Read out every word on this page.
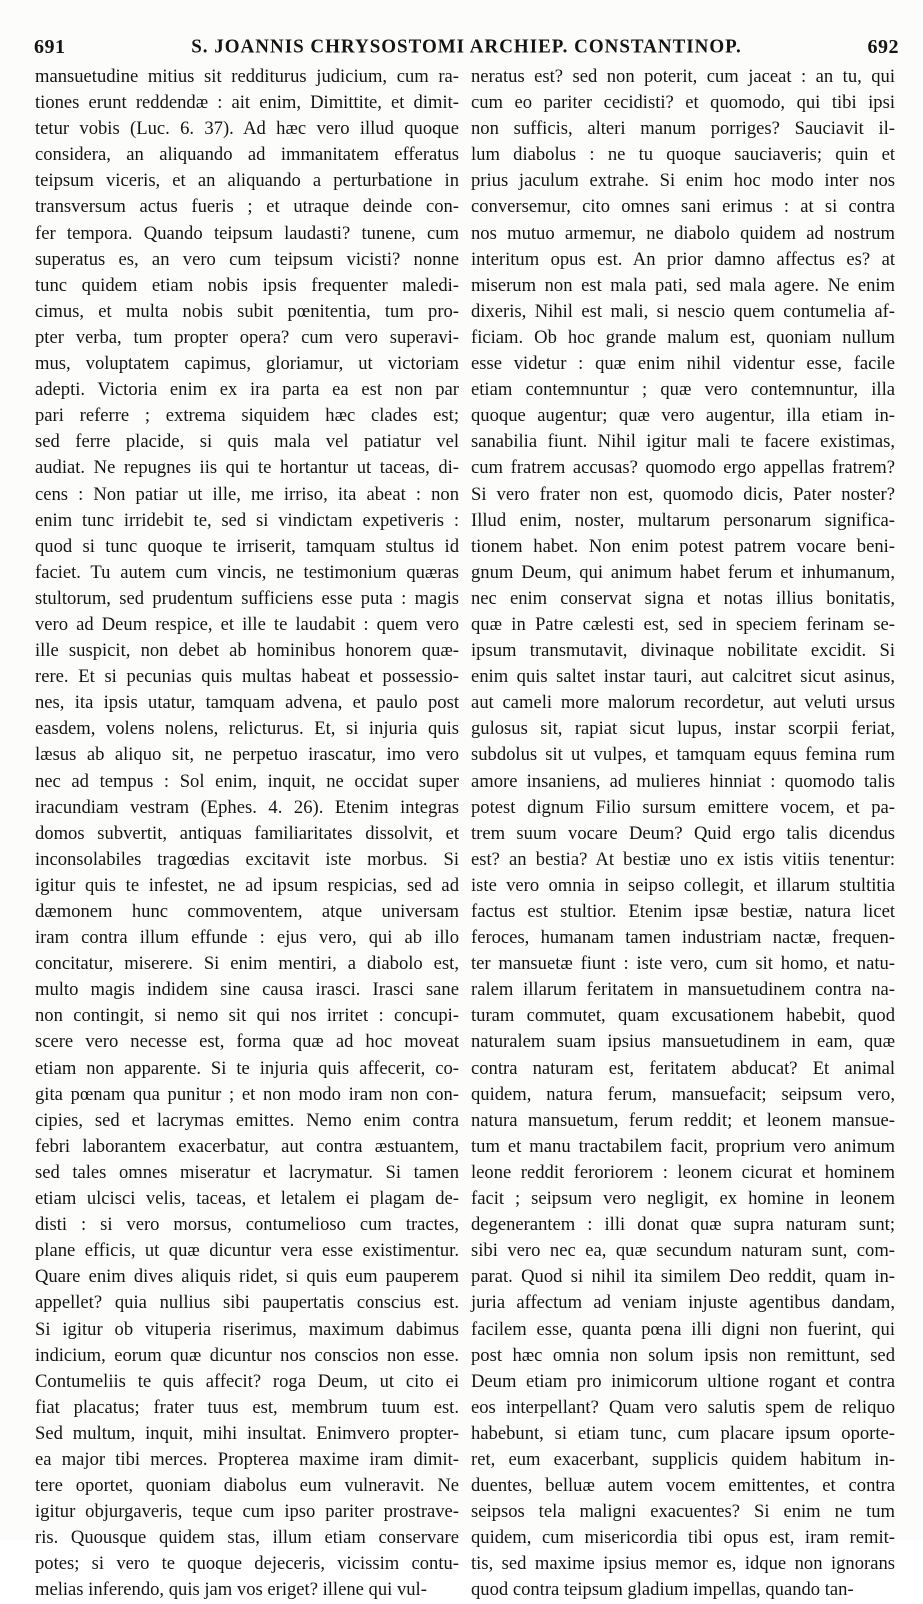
691	S. JOANNIS CHRYSOSTOMI ARCHIEP. CONSTANTINOP.	692
mansuetudine mitius sit redditurus judicium, cum ra-
tiones erunt reddendæ : ait enim, Dimittite, et dimit-
tetur vobis (Luc. 6. 37). Ad hæc vero illud quoque
considera, an aliquando ad immanitatem efferatus
teipsum viceris, et an aliquando a perturbatione in
transversum actus fueris ; et utraque deinde con-
fer tempora. Quando teipsum laudasti? tunene, cum
superatus es, an vero cum teipsum vicisti? nonne
tunc quidem etiam nobis ipsis frequenter maledi-
cimus, et multa nobis subit pœnitentia, tum pro-
pter verba, tum propter opera? cum vero superavi-
mus, voluptatem capimus, gloriamur, ut victoriam
adepti. Victoria enim ex ira parta ea est non par
pari referre ; extrema siquidem hæc clades est;
sed ferre placide, si quis mala vel patiatur vel
audiat. Ne repugnes iis qui te hortantur ut taceas, di-
cens : Non patiar ut ille, me irriso, ita abeat : non
enim tunc irridebit te, sed si vindictam expetiveris :
quod si tunc quoque te irriserit, tamquam stultus id
faciet. Tu autem cum vincis, ne testimonium quæras
stultorum, sed prudentum sufficiens esse puta : magis
vero ad Deum respice, et ille te laudabit : quem vero
ille suspicit, non debet ab hominibus honorem quæ-
rere. Et si pecunias quis multas habeat et possessio-
nes, ita ipsis utatur, tamquam advena, et paulo post
easdem, volens nolens, relicturus. Et, si injuria quis
læsus ab aliquo sit, ne perpetuo irascatur, imo vero
nec ad tempus : Sol enim, inquit, ne occidat super
iracundiam vestram (Ephes. 4. 26). Etenim integras
domos subvertit, antiquas familiaritates dissolvit, et
inconsolabiles tragœdias excitavit iste morbus. Si
igitur quis te infestet, ne ad ipsum respicias, sed ad
dæmonem hunc commoventem, atque universam
iram contra illum effunde : ejus vero, qui ab illo
concitatur, miserere. Si enim mentiri, a diabolo est,
multo magis indidem sine causa irasci. Irasci sane
non contingit, si nemo sit qui nos irritet : concupi-
scere vero necesse est, forma quæ ad hoc moveat
etiam non apparente. Si te injuria quis affecerit, co-
gita pœnam qua punitur ; et non modo iram non con-
cipies, sed et lacrymas emittes. Nemo enim contra
febri laborantem exacerbatur, aut contra æstuantem,
sed tales omnes miseratur et lacrymatur. Si tamen
etiam ulcisci velis, taceas, et letalem ei plagam de-
disti : si vero morsus, contumelioso cum tractes,
plane efficis, ut quæ dicuntur vera esse existimentur.
Quare enim dives aliquis ridet, si quis eum pauperem
appellet? quia nullius sibi paupertatis conscius est.
Si igitur ob vituperia riserimus, maximum dabimus
indicium, eorum quæ dicuntur nos conscios non esse.
Contumeliis te quis affecit? roga Deum, ut cito ei
fiat placatus; frater tuus est, membrum tuum est.
Sed multum, inquit, mihi insultat. Enimvero propter-
ea major tibi merces. Propterea maxime iram dimit-
tere oportet, quoniam diabolus eum vulneravit. Ne
igitur objurgaveris, teque cum ipso pariter prostrave-
ris. Quousque quidem stas, illum etiam conservare
potes; si vero te quoque dejeceris, vicissim contu-
melias inferendo, quis jam vos eriget? illene qui vul-
neratus est? sed non poterit, cum jaceat : an tu, qui
cum eo pariter cecidisti? et quomodo, qui tibi ipsi
non sufficis, alteri manum porriges? Sauciavit il-
lum diabolus : ne tu quoque sauciaveris; quin et
prius jaculum extrahe. Si enim hoc modo inter nos
conversemur, cito omnes sani erimus : at si contra
nos mutuo armemur, ne diabolo quidem ad nostrum
interitum opus est. An prior damno affectus es? at
miserum non est mala pati, sed mala agere. Ne enim
dixeris, Nihil est mali, si nescio quem contumelia af-
ficiam. Ob hoc grande malum est, quoniam nullum
esse videtur : quæ enim nihil videntur esse, facile
etiam contemnuntur ; quæ vero contemnuntur, illa
quoque augentur; quæ vero augentur, illa etiam in-
sanabilia fiunt. Nihil igitur mali te facere existimas,
cum fratrem accusas? quomodo ergo appellas fratrem?
Si vero frater non est, quomodo dicis, Pater noster?
Illud enim, noster, multarum personarum significa-
tionem habet. Non enim potest patrem vocare beni-
gnum Deum, qui animum habet ferum et inhumanum,
nec enim conservat signa et notas illius bonitatis,
quæ in Patre cælesti est, sed in speciem ferinam se-
ipsum transmutavit, divinaque nobilitate excidit. Si
enim quis saltet instar tauri, aut calcitret sicut asinus,
aut cameli more malorum recordetur, aut veluti ursus
gulosus sit, rapiat sicut lupus, instar scorpii feriat,
subdolus sit ut vulpes, et tamquam equus femina rum
amore insaniens, ad mulieres hinniat : quomodo talis
potest dignum Filio sursum emittere vocem, et pa-
trem suum vocare Deum? Quid ergo talis dicendus
est? an bestia? At bestiæ uno ex istis vitiis tenentur:
iste vero omnia in seipso collegit, et illarum stultitia
factus est stultior. Etenim ipsæ bestiæ, natura licet
feroces, humanam tamen industriam nactæ, frequen-
ter mansuetæ fiunt : iste vero, cum sit homo, et natu-
ralem illarum feritatem in mansuetudinem contra na-
turam commutet, quam excusationem habebit, quod
naturalem suam ipsius mansuetudinem in eam, quæ
contra naturam est, feritatem abducat? Et animal
quidem, natura ferum, mansuefacit; seipsum vero,
natura mansuetum, ferum reddit; et leonem mansue-
tum et manu tractabilem facit, proprium vero animum
leone reddit feroriorem : leonem cicurat et hominem
facit ; seipsum vero negligit, ex homine in leonem
degenerantem : illi donat quæ supra naturam sunt;
sibi vero nec ea, quæ secundum naturam sunt, com-
parat. Quod si nihil ita similem Deo reddit, quam in-
juria affectum ad veniam injuste agentibus dandam,
facilem esse, quanta pœna illi digni non fuerint, qui
post hæc omnia non solum ipsis non remittunt, sed
Deum etiam pro inimicorum ultione rogant et contra
eos interpellant? Quam vero salutis spem de reliquo
habebunt, si etiam tunc, cum placare ipsum oporte-
ret, eum exacerbant, supplicis quidem habitum in-
duentes, belluæ autem vocem emittentes, et contra
seipsos tela maligni exacuentes? Si enim ne tum
quidem, cum misericordia tibi opus est, iram remit-
tis, sed maxime ipsius memor es, idque non ignorans
quod contra teipsum gladium impellas, quando tan-
